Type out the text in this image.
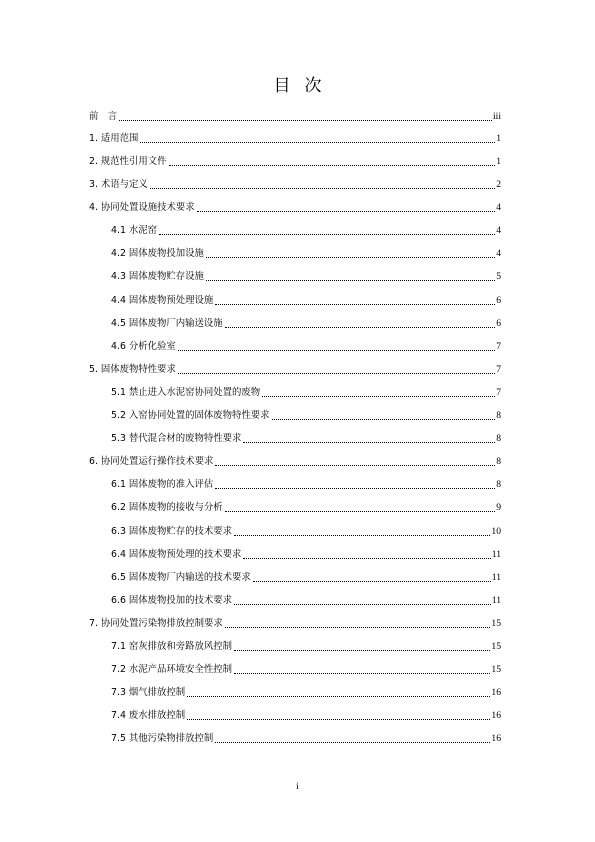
目次
前　言	iii
1. 适用范围	1
2. 规范性引用文件	1
3. 术语与定义	2
4. 协同处置设施技术要求	4
4.1 水泥窑	4
4.2 固体废物投加设施	4
4.3 固体废物贮存设施	5
4.4 固体废物预处理设施	6
4.5 固体废物厂内输送设施	6
4.6 分析化验室	7
5. 固体废物特性要求	7
5.1 禁止进入水泥窑协同处置的废物	7
5.2 入窑协同处置的固体废物特性要求	8
5.3 替代混合材的废物特性要求	8
6. 协同处置运行操作技术要求	8
6.1 固体废物的准入评估	8
6.2 固体废物的接收与分析	9
6.3 固体废物贮存的技术要求	10
6.4 固体废物预处理的技术要求	11
6.5 固体废物厂内输送的技术要求	11
6.6 固体废物投加的技术要求	11
7. 协同处置污染物排放控制要求	15
7.1 窑灰排放和旁路放风控制	15
7.2 水泥产品环境安全性控制	15
7.3 烟气排放控制	16
7.4 废水排放控制	16
7.5 其他污染物排放控制	16
i
